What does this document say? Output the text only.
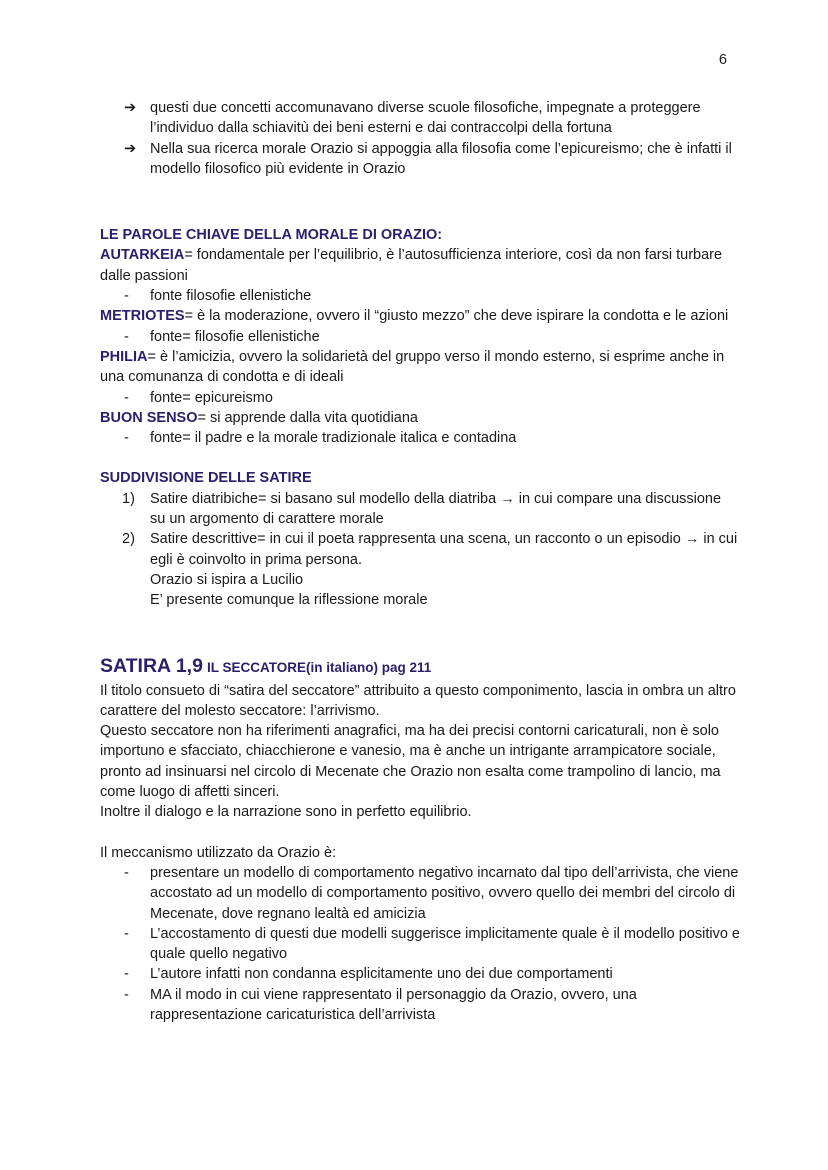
6
➔ questi due concetti accomunavano diverse scuole filosofiche, impegnate a proteggere l’individuo dalla schiavitù dei beni esterni e dai contraccolpi della fortuna
➔ Nella sua ricerca morale Orazio si appoggia alla filosofia come l’epicureismo; che è infatti il modello filosofico più evidente in Orazio
LE PAROLE CHIAVE DELLA MORALE DI ORAZIO:
AUTARKEIA= fondamentale per l’equilibrio, è l’autosufficienza interiore, così da non farsi turbare dalle passioni
- fonte filosofie ellenistiche
METRIOTES= è la moderazione, ovvero il “giusto mezzo” che deve ispirare la condotta e le azioni
- fonte= filosofie ellenistiche
PHILIA= è l’amicizia, ovvero la solidarietà del gruppo verso il mondo esterno, si esprime anche in una comunanza di condotta e di ideali
- fonte= epicureismo
BUON SENSO= si apprende dalla vita quotidiana
- fonte= il padre e la morale tradizionale italica e contadina
SUDDIVISIONE DELLE SATIRE
1) Satire diatribiche= si basano sul modello della diatriba → in cui compare una discussione su un argomento di carattere morale
2) Satire descrittive= in cui il poeta rappresenta una scena, un racconto o un episodio → in cui egli è coinvolto in prima persona.
Orazio si ispira a Lucilio
E’ presente comunque la riflessione morale
SATIRA 1,9 IL SECCATORE(in italiano) pag 211
Il titolo consueto di “satira del seccatore” attribuito a questo componimento, lascia in ombra un altro carattere del molesto seccatore: l’arrivismo.
Questo seccatore non ha riferimenti anagrafici, ma ha dei precisi contorni caricaturali, non è solo importuno e sfacciato, chiacchierone e vanesio, ma è anche un intrigante arrampicatore sociale, pronto ad insinuarsi nel circolo di Mecenate che Orazio non esalta come trampolino di lancio, ma come luogo di affetti sinceri.
Inoltre il dialogo e la narrazione sono in perfetto equilibrio.
Il meccanismo utilizzato da Orazio è:
- presentare un modello di comportamento negativo incarnato dal tipo dell’arrivista, che viene accostato ad un modello di comportamento positivo, ovvero quello dei membri del circolo di Mecenate, dove regnano lealtà ed amicizia
- L’accostamento di questi due modelli suggerisce implicitamente quale è il modello positivo e quale quello negativo
- L’autore infatti non condanna esplicitamente uno dei due comportamenti
- MA il modo in cui viene rappresentato il personaggio da Orazio, ovvero, una rappresentazione caricaturistica dell’arrivista
